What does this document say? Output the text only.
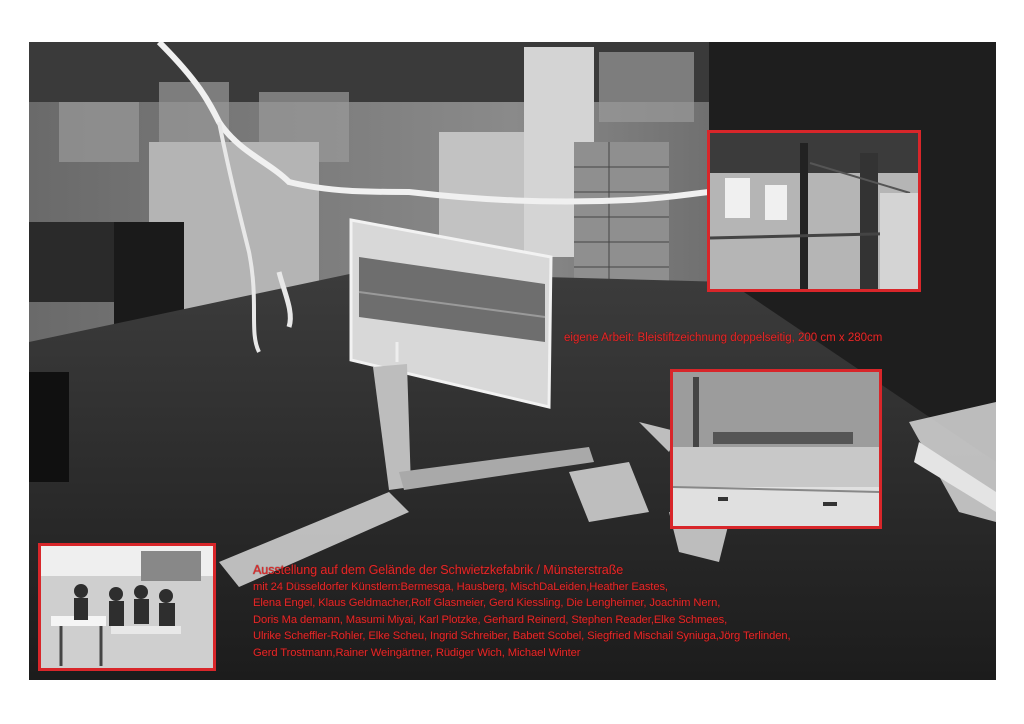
eigene Arbeit: Bleistiftzeichnung doppelseitig, 200 cm x 280cm
Ausstellung auf dem Gelände der Schwietzkefabrik / Münsterstraße
mit 24 Düsseldorfer Künstlern:Bermesga, Hausberg, MischDaLeiden,Heather Eastes,
Elena Engel, Klaus Geldmacher,Rolf Glasmeier, Gerd Kiessling, Die Lengheimer, Joachim Nern,
Doris Ma demann, Masumi Miyai, Karl Plotzke, Gerhard Reinerd, Stephen Reader,Elke Schmees,
Ulrike Scheffler-Rohler, Elke Scheu, Ingrid Schreiber, Babett Scobel, Siegfried Mischail Syniuga,Jörg Terlinden,
Gerd Trostmann,Rainer Weingärtner, Rüdiger Wich, Michael Winter
